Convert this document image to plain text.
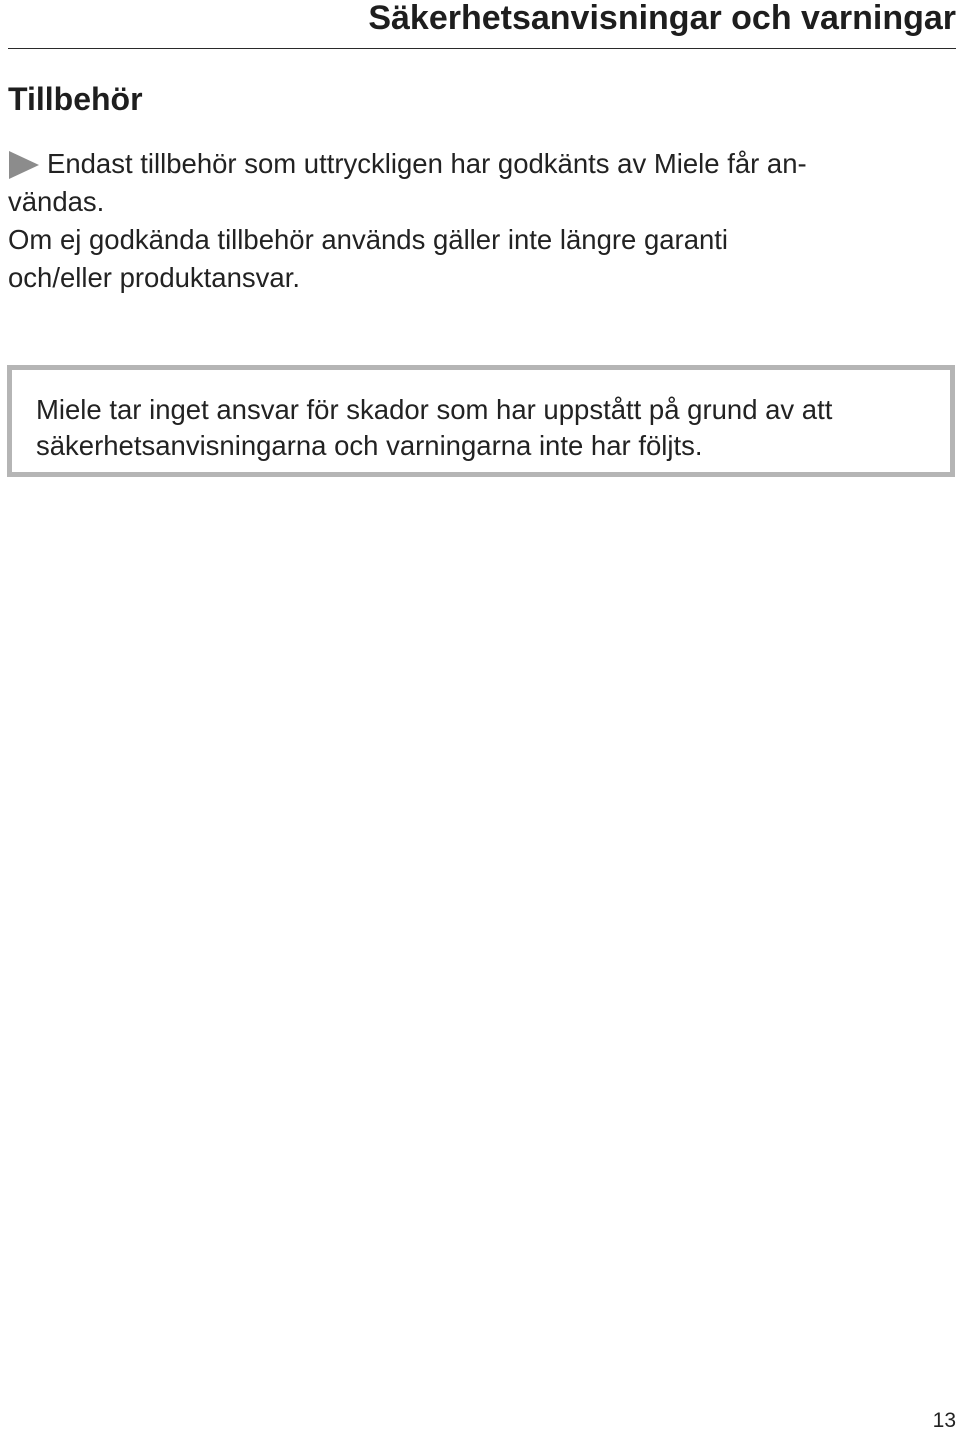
Säkerhetsanvisningar och varningar
Tillbehör
Endast tillbehör som uttryckligen har godkänts av Miele får an-
vändas.
Om ej godkända tillbehör används gäller inte längre garanti
och/eller produktansvar.
Miele tar inget ansvar för skador som har uppstått på grund av att
säkerhetsanvisningarna och varningarna inte har följts.
13
